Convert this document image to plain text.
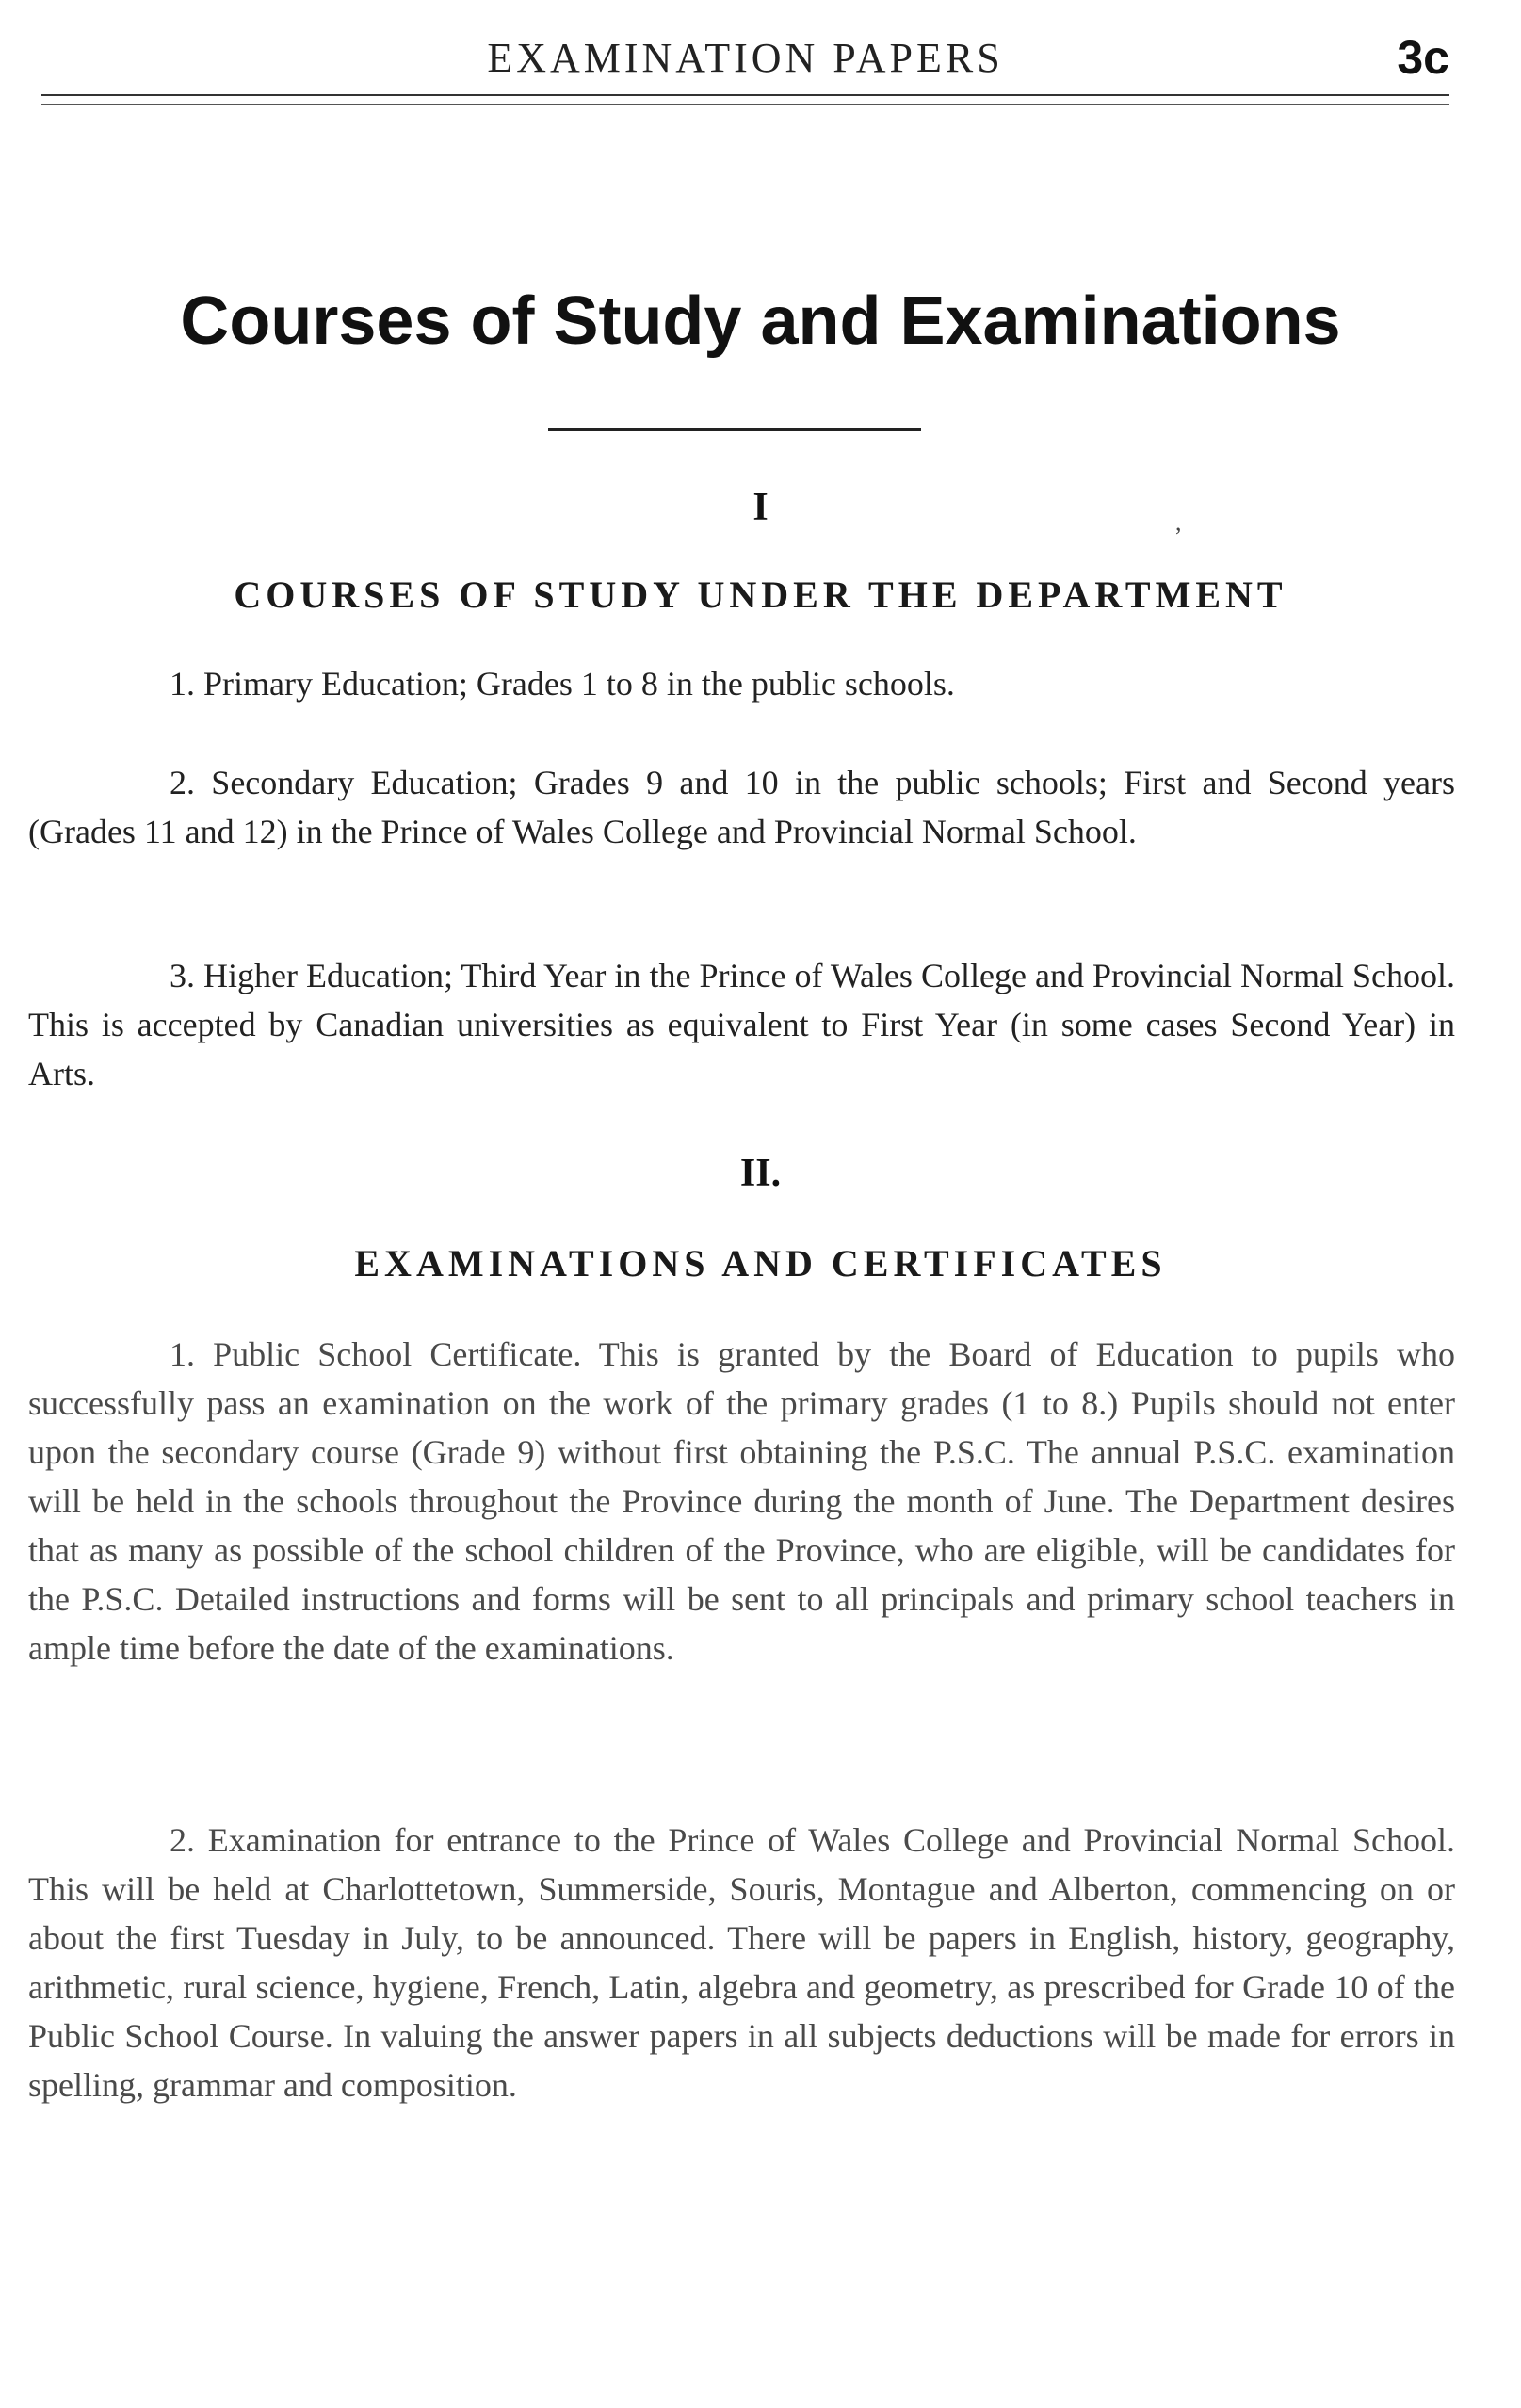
EXAMINATION PAPERS	3c
Courses of Study and Examinations
I	,
COURSES OF STUDY UNDER THE DEPARTMENT

1. Primary Education; Grades 1 to 8 in the public schools.

2. Secondary Education; Grades 9 and 10 in the public schools; First and Second years (Grades 11 and 12) in the Prince of Wales College and Provincial Normal School.

3. Higher Education; Third Year in the Prince of Wales College and Provincial Normal School. This is accepted by Canadian universities as equivalent to First Year (in some cases Second Year) in Arts.

II.
EXAMINATIONS AND CERTIFICATES

1. Public School Certificate. This is granted by the Board of Education to pupils who successfully pass an examination on the work of the primary grades (1 to 8.) Pupils should not enter upon the secondary course (Grade 9) without first obtaining the P.S.C. The annual P.S.C. examination will be held in the schools throughout the Province during the month of June. The Department desires that as many as possible of the school children of the Province, who are eligible, will be candidates for the P.S.C. Detailed instructions and forms will be sent to all principals and primary school teachers in ample time before the date of the examinations.

2. Examination for entrance to the Prince of Wales College and Provincial Normal School. This will be held at Charlottetown, Summerside, Souris, Montague and Alberton, commencing on or about the first Tuesday in July, to be announced. There will be papers in English, history, geography, arithmetic, rural science, hygiene, French, Latin, algebra and geometry, as prescribed for Grade 10 of the Public School Course. In valuing the answer papers in all subjects deductions will be made for errors in spelling, grammar and composition.
